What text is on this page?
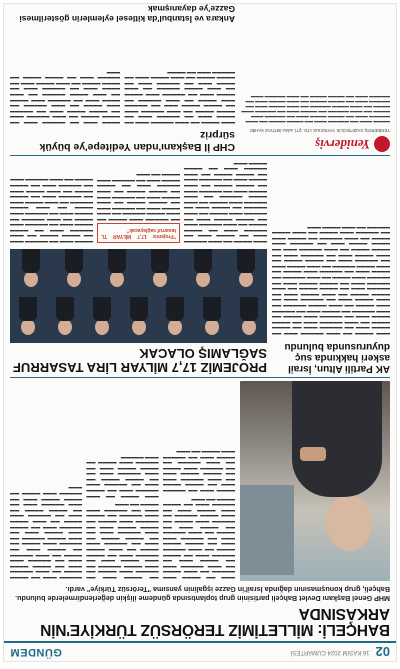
02
16 KASIM 2024 CUMARTESİ
GÜNDEM
BAHÇELİ: MİLLETİMİZ TERÖRSÜZ TÜRKİYE'NİN ARKASINDA
MHP Genel Başkanı Devlet Bahçeli partisinin grup toplantısında gündeme ilişkin değerlendirmelerde bulundu. Bahçeli, grup konuşmasının dağında İsrail'in Gazze işgalinin yansıma "Terörsüz Türkiye" vardı.

▬▬▬ ▬▬ ▬▬▬▬ ▬▬▬ ▬▬▬▬▬ ▬▬ ▬▬▬ ▬▬▬▬ ▬▬ ▬▬▬ ▬▬▬▬▬ ▬▬▬ ▬▬ ▬▬▬▬ ▬▬▬ ▬▬ ▬▬▬▬▬ ▬▬▬ ▬▬ ▬▬▬▬ ▬▬▬▬ ▬▬ ▬▬▬ ▬▬▬▬▬ ▬▬▬ ▬▬ ▬▬▬▬ ▬▬▬▬ ▬▬▬ ▬▬ ▬▬▬▬▬ ▬▬▬ ▬▬▬▬ ▬▬ ▬▬▬ ▬▬▬▬▬ ▬▬ ▬▬▬▬ ▬▬▬ ▬▬ ▬▬▬▬▬ ▬▬▬ ▬▬▬▬ ▬▬ ▬▬▬ ▬▬▬▬ ▬▬▬▬▬ ▬▬ ▬▬▬ ▬▬▬▬ ▬▬▬ ▬▬ ▬▬▬▬▬ ▬▬▬ ▬▬ ▬▬▬▬ ▬▬▬▬ ▬▬ ▬▬▬

▬▬▬▬ ▬▬▬ ▬▬ ▬▬▬▬▬ ▬▬▬ ▬▬ ▬▬▬▬ ▬▬▬▬ ▬▬ ▬▬▬ ▬▬▬▬▬ ▬▬▬ ▬▬ ▬▬▬▬ ▬▬▬▬ ▬▬▬ ▬▬ ▬▬▬▬▬ ▬▬▬ ▬▬▬▬ ▬▬ ▬▬▬ ▬▬▬▬▬ ▬▬ ▬▬▬▬ ▬▬▬ ▬▬ ▬▬▬▬▬ ▬▬▬ ▬▬▬▬ ▬▬ ▬▬▬

▬▬ ▬▬▬▬ ▬▬▬ ▬▬ ▬▬▬▬▬ ▬▬▬ ▬▬▬▬ ▬▬ ▬▬▬ ▬▬▬▬ ▬▬▬▬▬ ▬▬ ▬▬▬ ▬▬▬▬ ▬▬▬ ▬▬ ▬▬▬▬▬ ▬▬▬ ▬▬ ▬▬▬▬ ▬▬▬▬ ▬▬ ▬▬▬ ▬▬▬▬ ▬▬▬ ▬▬ ▬▬▬▬▬ ▬▬▬ ▬▬ ▬▬▬▬ ▬▬▬▬ ▬▬ ▬▬▬ ▬▬▬▬▬ ▬▬▬ ▬▬ ▬▬▬▬ ▬▬▬▬ ▬▬▬ ▬▬ ▬▬▬▬▬ ▬▬▬ ▬▬▬▬ ▬▬ ▬▬▬ ▬▬▬▬▬ ▬▬ ▬▬▬▬ ▬▬▬ ▬▬ ▬▬▬▬▬ ▬▬▬ ▬▬▬▬ ▬▬ ▬▬▬

▬▬▬ ▬▬▬▬ ▬▬ ▬▬▬ ▬▬▬▬▬ ▬▬▬ ▬▬ ▬▬▬▬ ▬▬▬ ▬▬ ▬▬▬▬▬ ▬▬▬ ▬▬ ▬▬▬▬ ▬▬▬▬ ▬▬ ▬▬▬ ▬▬▬▬▬ ▬▬▬ ▬▬ ▬▬▬▬ ▬▬▬▬ ▬▬▬ ▬▬ ▬▬▬▬▬ ▬▬▬ ▬▬▬▬ ▬▬ ▬▬▬ ▬▬▬▬▬

▬▬▬▬▬ ▬▬▬ ▬▬ ▬▬▬▬ ▬▬▬▬ ▬▬ ▬▬▬ ▬▬▬▬▬ ▬▬▬ ▬▬ ▬▬▬▬ ▬▬▬▬ ▬▬▬ ▬▬ ▬▬▬▬▬ ▬▬▬ ▬▬▬▬ ▬▬ ▬▬▬ ▬▬▬▬▬ ▬▬ ▬▬▬▬ ▬▬▬ ▬▬ ▬▬▬▬▬ ▬▬▬ ▬▬▬▬ ▬▬ ▬▬▬ ▬▬▬▬ ▬▬▬▬▬ ▬▬ ▬▬▬ ▬▬▬▬ ▬▬▬ ▬▬ ▬▬▬▬▬ ▬▬▬ ▬▬ ▬▬▬▬ ▬▬▬▬ ▬▬ ▬▬▬ ▬▬▬▬ ▬▬▬ ▬▬ ▬▬▬▬▬ ▬▬▬ ▬▬ ▬▬▬▬ ▬▬▬▬ ▬▬ ▬▬▬ ▬▬▬▬▬ ▬▬▬ ▬▬ ▬▬▬▬ ▬▬▬▬ ▬▬▬ ▬▬ ▬▬▬▬▬ ▬▬▬ ▬▬▬▬ ▬▬ ▬▬▬

AK Partili Altun, İsrail askeri hakkında suç duyurusunda bulundu
▬▬▬ ▬▬▬▬ ▬▬ ▬▬▬ ▬▬▬▬▬ ▬▬▬ ▬▬ ▬▬▬▬ ▬▬▬ ▬▬ ▬▬▬▬▬ ▬▬▬ ▬▬ ▬▬▬▬ ▬▬▬▬ ▬▬ ▬▬▬ ▬▬▬▬▬ ▬▬▬ ▬▬ ▬▬▬▬ ▬▬▬▬ ▬▬▬ ▬▬ ▬▬▬▬▬ ▬▬▬ ▬▬▬▬ ▬▬ ▬▬▬ ▬▬▬▬▬ ▬▬ ▬▬▬▬ ▬▬▬ ▬▬ ▬▬▬▬▬ ▬▬▬ ▬▬▬▬ ▬▬ ▬▬▬ ▬▬▬▬ ▬▬▬▬▬ ▬▬ ▬▬▬ ▬▬▬▬ ▬▬▬ ▬▬ ▬▬▬▬▬ ▬▬▬ ▬▬ ▬▬▬▬ ▬▬▬▬ ▬▬ ▬▬▬ ▬▬▬▬ ▬▬▬ ▬▬ ▬▬▬▬▬ ▬▬▬ ▬▬ ▬▬▬▬ ▬▬▬▬ ▬▬ ▬▬▬ ▬▬▬▬▬ ▬▬▬ ▬▬ ▬▬▬▬ ▬▬▬▬ ▬▬▬ ▬▬ ▬▬▬▬▬ ▬▬▬ ▬▬▬▬ ▬▬ ▬▬▬ ▬▬▬▬▬ ▬▬ ▬▬▬▬ ▬▬▬ ▬▬ ▬▬▬▬▬ ▬▬▬ ▬▬▬▬ ▬▬ ▬▬▬ ▬▬▬▬ ▬▬▬▬▬ ▬▬ ▬▬▬ ▬▬▬▬ ▬▬▬ ▬▬ ▬▬▬▬▬ ▬▬▬ ▬▬ ▬▬▬▬ ▬▬▬▬ ▬▬ ▬▬▬ ▬▬▬▬ ▬▬▬ ▬▬ ▬▬▬▬▬ ▬▬▬ ▬▬ ▬▬▬▬ ▬▬▬▬ ▬▬ ▬▬▬ ▬▬▬▬▬ ▬▬▬ ▬▬ ▬▬▬▬ ▬▬▬▬ ▬▬▬ ▬▬ ▬▬▬▬▬ ▬▬▬ ▬▬▬▬ ▬▬ ▬▬▬ ▬▬▬▬▬ ▬▬ ▬▬▬▬ ▬▬▬ ▬▬ ▬▬▬▬▬ ▬▬▬ ▬▬▬▬ ▬▬ ▬▬▬ ▬▬▬▬ ▬▬▬▬▬ ▬▬ ▬▬▬ ▬▬▬▬ ▬▬▬
PROJEMİZ 17,7 MİLYAR LİRA TASARRUF SAĞLAMIŞ OLACAK

▬▬▬ ▬▬▬▬ ▬▬ ▬▬▬ ▬▬▬▬▬ ▬▬▬ ▬▬ ▬▬▬▬ ▬▬▬ ▬▬ ▬▬▬▬▬ ▬▬▬ ▬▬ ▬▬▬▬ ▬▬▬▬ ▬▬ ▬▬▬ ▬▬▬▬▬ ▬▬▬ ▬▬ ▬▬▬▬ ▬▬▬▬ ▬▬▬ ▬▬ ▬▬▬▬▬ ▬▬▬ ▬▬▬▬ ▬▬ ▬▬▬ ▬▬▬▬▬ ▬▬ ▬▬▬▬ ▬▬▬ ▬▬ ▬▬▬▬▬ ▬▬▬ ▬▬▬▬ ▬▬ ▬▬▬ ▬▬▬▬ ▬▬▬▬▬ ▬▬ ▬▬▬ ▬▬▬▬ ▬▬▬ ▬▬ ▬▬▬▬▬ ▬▬▬ ▬▬ ▬▬▬▬ ▬▬▬▬ ▬▬ ▬▬▬ ▬▬▬▬ ▬▬▬ ▬▬ ▬▬▬▬▬ ▬▬▬ ▬▬ ▬▬▬▬ ▬▬▬▬ ▬▬ ▬▬▬ ▬▬▬▬▬ ▬▬▬ ▬▬ ▬▬▬▬ ▬▬▬▬ ▬▬▬

"Projemiz 17,7 MİLYAR TL tasarruf sağlayacak"

▬▬ ▬▬▬▬▬ ▬▬▬ ▬▬▬▬ ▬▬ ▬▬▬ ▬▬▬▬ ▬▬▬▬▬ ▬▬ ▬▬▬ ▬▬▬▬ ▬▬▬ ▬▬ ▬▬▬▬▬ ▬▬▬ ▬▬ ▬▬▬▬ ▬▬▬▬ ▬▬ ▬▬▬ ▬▬▬▬ ▬▬▬ ▬▬ ▬▬▬▬▬ ▬▬▬ ▬▬ ▬▬▬▬ ▬▬▬▬ ▬▬ ▬▬▬ ▬▬▬▬▬ ▬▬▬ ▬▬ ▬▬▬▬ ▬▬▬▬ ▬▬▬ ▬▬ ▬▬▬▬▬ ▬▬▬ ▬▬▬▬ ▬▬ ▬▬▬

▬▬▬▬ ▬▬▬ ▬▬ ▬▬▬▬▬ ▬▬▬ ▬▬ ▬▬▬▬ ▬▬▬▬ ▬▬ ▬▬▬ ▬▬▬▬▬ ▬▬▬ ▬▬ ▬▬▬▬ ▬▬▬▬ ▬▬▬ ▬▬ ▬▬▬▬▬ ▬▬▬ ▬▬▬▬ ▬▬ ▬▬▬ ▬▬▬▬▬ ▬▬ ▬▬▬▬ ▬▬▬ ▬▬ ▬▬▬▬▬ ▬▬▬ ▬▬▬▬ ▬▬ ▬▬▬ ▬▬▬▬ ▬▬▬▬▬ ▬▬ ▬▬▬ ▬▬▬▬ ▬▬▬ ▬▬ ▬▬▬▬▬ ▬▬▬ ▬▬ ▬▬▬▬ ▬▬▬▬ ▬▬ ▬▬▬ ▬▬▬▬ ▬▬▬ ▬▬ ▬▬▬▬▬ ▬▬▬ ▬▬ ▬▬▬▬ ▬▬▬▬ ▬▬ ▬▬▬ ▬▬▬▬▬ ▬▬▬

Yeniderviş
YENİDERVİŞ GAZETECİLİK YAYINCILIK LTD. ŞTİ. adına İMTİYAZ SAHİBİ
▬▬▬▬ ▬▬▬ ▬▬ ▬▬▬▬▬ ▬▬▬ ▬▬ ▬▬▬▬ ▬▬▬▬ ▬▬ ▬▬▬ ▬▬▬▬▬ ▬▬▬ ▬▬ ▬▬▬▬ ▬▬▬▬ ▬▬▬ ▬▬ ▬▬▬▬▬ ▬▬▬ ▬▬▬▬ ▬▬ ▬▬▬ ▬▬▬▬▬ ▬▬ ▬▬▬▬ ▬▬▬ ▬▬ ▬▬▬▬▬ ▬▬▬ ▬▬▬▬ ▬▬ ▬▬▬ ▬▬▬▬ ▬▬▬▬▬ ▬▬ ▬▬▬ ▬▬▬▬ ▬▬▬ ▬▬ ▬▬▬▬▬ ▬▬▬ ▬▬ ▬▬▬▬ ▬▬▬▬ ▬▬ ▬▬▬ ▬▬▬▬ ▬▬▬ ▬▬ ▬▬▬▬▬ ▬▬▬ ▬▬ ▬▬▬▬ ▬▬▬▬ ▬▬ ▬▬▬ ▬▬▬▬▬ ▬▬▬
CHP İl Başkanı'ndan Yeditepe'ye büyük sürpriz

▬▬▬ ▬▬▬▬ ▬▬ ▬▬▬ ▬▬▬▬▬ ▬▬▬ ▬▬ ▬▬▬▬ ▬▬▬ ▬▬ ▬▬▬▬▬ ▬▬▬ ▬▬ ▬▬▬▬ ▬▬▬▬ ▬▬ ▬▬▬ ▬▬▬▬▬ ▬▬▬ ▬▬ ▬▬▬▬ ▬▬▬▬ ▬▬▬ ▬▬ ▬▬▬▬▬ ▬▬▬ ▬▬▬▬ ▬▬ ▬▬▬ ▬▬▬▬▬ ▬▬ ▬▬▬▬ ▬▬▬ ▬▬ ▬▬▬▬▬ ▬▬▬ ▬▬▬▬ ▬▬ ▬▬▬ ▬▬▬▬ ▬▬▬▬▬ ▬▬ ▬▬▬ ▬▬▬▬ ▬▬▬ ▬▬ ▬▬▬▬▬ ▬▬▬ ▬▬ ▬▬▬▬ ▬▬▬▬ ▬▬ ▬▬▬ ▬▬▬▬ ▬▬▬ ▬▬ ▬▬▬▬▬ ▬▬▬ ▬▬ ▬▬▬▬

▬▬▬▬ ▬▬▬ ▬▬ ▬▬▬▬▬ ▬▬▬ ▬▬ ▬▬▬▬ ▬▬▬▬ ▬▬ ▬▬▬ ▬▬▬▬▬ ▬▬▬ ▬▬ ▬▬▬▬ ▬▬▬▬ ▬▬▬ ▬▬ ▬▬▬▬▬ ▬▬▬ ▬▬▬▬ ▬▬ ▬▬▬ ▬▬▬▬▬ ▬▬ ▬▬▬▬ ▬▬▬ ▬▬ ▬▬▬▬▬ ▬▬▬ ▬▬▬▬ ▬▬ ▬▬▬ ▬▬▬▬ ▬▬▬▬▬ ▬▬ ▬▬▬ ▬▬▬▬ ▬▬▬ ▬▬ ▬▬▬▬▬ ▬▬▬ ▬▬ ▬▬▬▬ ▬▬▬▬ ▬▬ ▬▬▬ ▬▬▬▬ ▬▬▬ ▬▬ ▬▬▬▬▬ ▬▬▬ ▬▬ ▬▬▬▬ ▬▬▬▬ ▬▬ ▬▬▬

Ankara ve İstanbul'da kitlesel eylemlerin gösterilmesi Gazze'ye dayanışmak
